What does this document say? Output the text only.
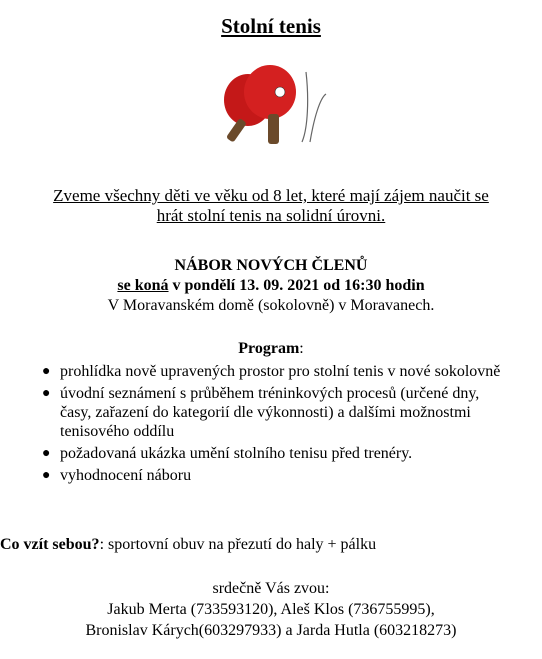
Stolní tenis
Zveme všechny děti ve věku od 8 let, které mají zájem naučit se
hrát stolní tenis na solidní úrovni.
NÁBOR NOVÝCH ČLENŮ
se koná v pondělí 13. 09. 2021 od 16:30 hodin
V Moravanském domě (sokolovně) v Moravanech.
Program:
● prohlídka nově upravených prostor pro stolní tenis v nové sokolovně
● úvodní seznámení s průběhem tréninkových procesů (určené dny, časy, zařazení do kategorií dle výkonnosti) a dalšími možnostmi tenisového oddílu
● požadovaná ukázka umění stolního tenisu před trenéry.
● vyhodnocení náboru
Co vzít sebou?: sportovní obuv na přezutí do haly + pálku
srdečně Vás zvou:
Jakub Merta (733593120), Aleš Klos (736755995),
Bronislav Kárych(603297933) a Jarda Hutla (603218273)
